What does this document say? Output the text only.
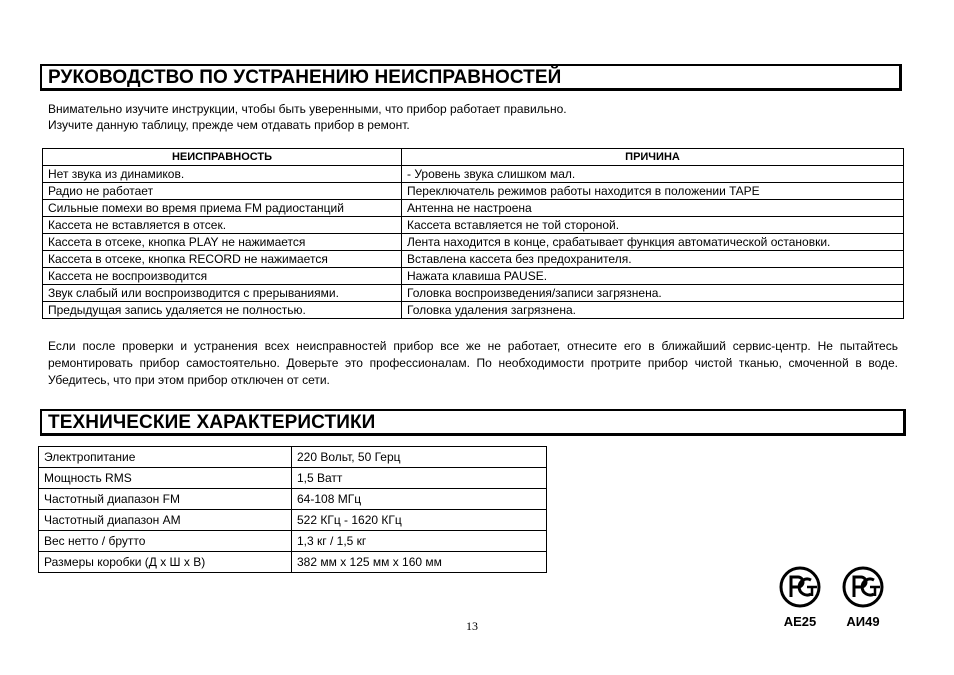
РУКОВОДСТВО ПО УСТРАНЕНИЮ НЕИСПРАВНОСТЕЙ
Внимательно изучите инструкции, чтобы быть уверенными, что прибор работает правильно.
Изучите данную таблицу, прежде чем отдавать прибор в ремонт.
НЕИСПРАВНОСТЬ	ПРИЧИНА
Нет звука из динамиков.	- Уровень звука слишком мал.
Радио не работает	Переключатель режимов работы находится в положении TAPE
Сильные помехи во время приема FM радиостанций	Антенна не настроена
Кассета не вставляется в отсек.	Кассета вставляется не той стороной.
Кассета в отсеке, кнопка PLAY не нажимается	Лента находится в конце, срабатывает функция автоматической остановки.
Кассета в отсеке, кнопка RECORD не нажимается	Вставлена кассета без предохранителя.
Кассета не воспроизводится	Нажата клавиша PAUSE.
Звук слабый или воспроизводится с прерываниями.	Головка воспроизведения/записи загрязнена.
Предыдущая запись удаляется не полностью.	Головка удаления загрязнена.
Если после проверки и устранения всех неисправностей прибор все же не работает, отнесите его в ближайший сервис-центр. Не пытайтесь ремонтировать прибор самостоятельно. Доверьте это профессионалам. По необходимости протрите прибор чистой тканью, смоченной в воде. Убедитесь, что при этом прибор отключен от сети.
ТЕХНИЧЕСКИЕ ХАРАКТЕРИСТИКИ
Электропитание	220 Вольт, 50 Герц
Мощность RMS	1,5 Ватт
Частотный диапазон FM	64-108 МГц
Частотный диапазон AM	522 КГц - 1620 КГц
Вес нетто / брутто	1,3 кг / 1,5 кг
Размеры коробки (Д х Ш х В)	382 мм х 125 мм х 160 мм
13	АЕ25	АИ49
